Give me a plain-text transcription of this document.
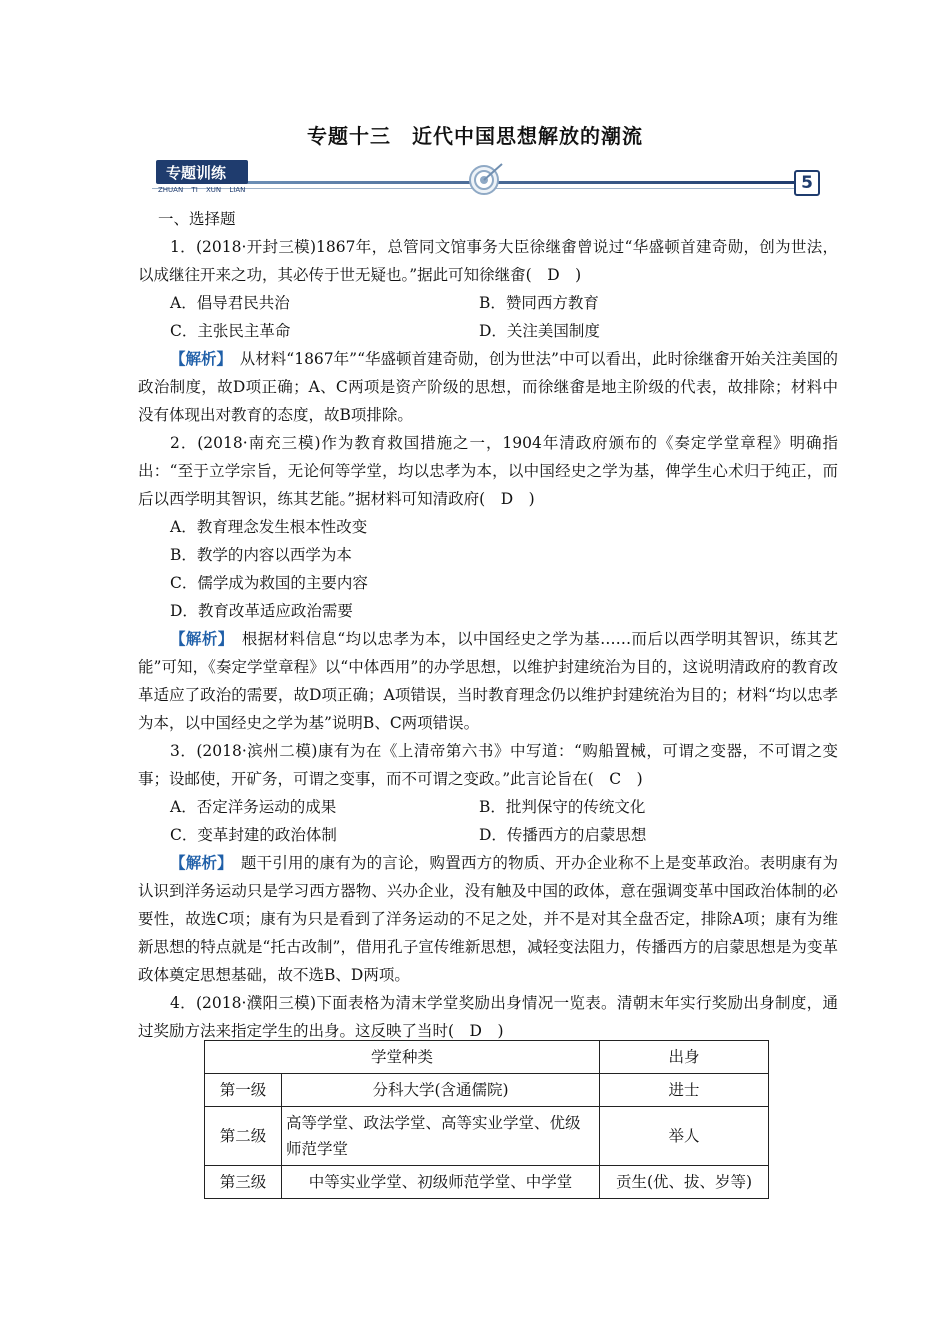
专题十三　近代中国思想解放的潮流
专题训练
ZHUAN TI XUN LIAN	5
一、选择题
1．(2018·开封三模)1867年，总管同文馆事务大臣徐继畬曾说过“华盛顿首建奇勋，创为世法，以成继往开来之功，其必传于世无疑也。”据此可知徐继畬(　D　)
A．倡导君民共治	B．赞同西方教育
C．主张民主革命	D．关注美国制度
【解析】　 从材料“1867年”“华盛顿首建奇勋，创为世法”中可以看出，此时徐继畬开始关注美国的政治制度，故D项正确；A、C两项是资产阶级的思想，而徐继畬是地主阶级的代表，故排除；材料中没有体现出对教育的态度，故B项排除。
2．(2018·南充三模)作为教育救国措施之一，1904年清政府颁布的《奏定学堂章程》明确指出：“至于立学宗旨，无论何等学堂，均以忠孝为本，以中国经史之学为基，俾学生心术归于纯正，而后以西学明其智识，练其艺能。”据材料可知清政府(　D　)
A．教育理念发生根本性改变
B．教学的内容以西学为本
C．儒学成为救国的主要内容
D．教育改革适应政治需要
【解析】　 根据材料信息“均以忠孝为本，以中国经史之学为基……而后以西学明其智识，练其艺能”可知，《奏定学堂章程》以“中体西用”的办学思想，以维护封建统治为目的，这说明清政府的教育改革适应了政治的需要，故D项正确；A项错误，当时教育理念仍以维护封建统治为目的；材料“均以忠孝为本，以中国经史之学为基”说明B、C两项错误。
3．(2018·滨州二模)康有为在《上清帝第六书》中写道：“购船置械，可谓之变器，不可谓之变事；设邮使，开矿务，可谓之变事，而不可谓之变政。”此言论旨在(　C　)
A．否定洋务运动的成果	B．批判保守的传统文化
C．变革封建的政治体制	D．传播西方的启蒙思想
【解析】　 题干引用的康有为的言论，购置西方的物质、开办企业称不上是变革政治。表明康有为认识到洋务运动只是学习西方器物、兴办企业，没有触及中国的政体，意在强调变革中国政治体制的必要性，故选C项；康有为只是看到了洋务运动的不足之处，并不是对其全盘否定，排除A项；康有为维新思想的特点就是“托古改制”，借用孔子宣传维新思想，减轻变法阻力，传播西方的启蒙思想是为变革政体奠定思想基础，故不选B、D两项。
4．(2018·濮阳三模)下面表格为清末学堂奖励出身情况一览表。清朝末年实行奖励出身制度，通过奖励方法来指定学生的出身。这反映了当时(　D　)
学堂种类		出身
第一级	分科大学(含通儒院)	进士
第二级	高等学堂、政法学堂、高等实业学堂、优级师范学堂	举人
第三级	中等实业学堂、初级师范学堂、中学堂	贡生(优、拔、岁等)
